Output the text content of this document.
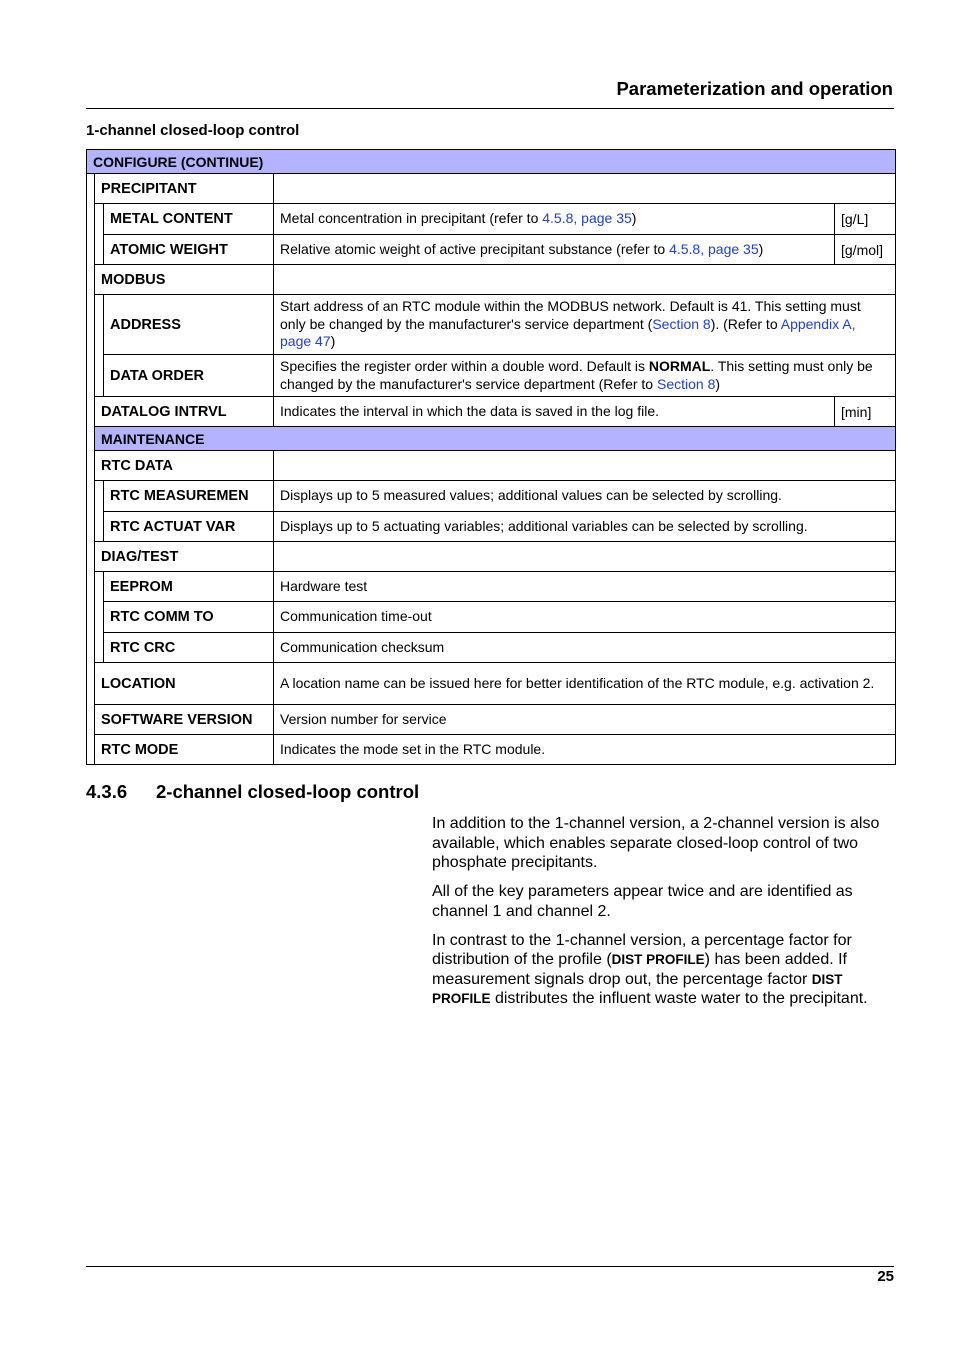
Parameterization and operation
1-channel closed-loop control
CONFIGURE (CONTINUE)				
	PRECIPITANT			
		METAL CONTENT	Metal concentration in precipitant (refer to 4.5.8, page 35)	[g/L]
		ATOMIC WEIGHT	Relative atomic weight of active precipitant substance (refer to 4.5.8, page 35)	[g/mol]
	MODBUS			
		ADDRESS	Start address of an RTC module within the MODBUS network. Default is 41. This setting must only be changed by the manufacturer's service department (Section 8). (Refer to Appendix A, page 47)	
		DATA ORDER	Specifies the register order within a double word. Default is NORMAL. This setting must only be changed by the manufacturer's service department (Refer to Section 8)	
	DATALOG INTRVL		Indicates the interval in which the data is saved in the log file.	[min]
	MAINTENANCE			
	RTC DATA			
		RTC MEASUREMEN	Displays up to 5 measured values; additional values can be selected by scrolling.	
		RTC ACTUAT VAR	Displays up to 5 actuating variables; additional variables can be selected by scrolling.	
	DIAG/TEST			
		EEPROM	Hardware test	
		RTC COMM TO	Communication time-out	
		RTC CRC	Communication checksum	
	LOCATION		A location name can be issued here for better identification of the RTC module, e.g. activation 2.	
	SOFTWARE VERSION		Version number for service	
	RTC MODE		Indicates the mode set in the RTC module.	
4.3.6 2-channel closed-loop control

In addition to the 1-channel version, a 2-channel version is also available, which enables separate closed-loop control of two phosphate precipitants.

All of the key parameters appear twice and are identified as channel 1 and channel 2.

In contrast to the 1-channel version, a percentage factor for distribution of the profile (DIST PROFILE) has been added. If measurement signals drop out, the percentage factor DIST PROFILE distributes the influent waste water to the precipitant.

25
